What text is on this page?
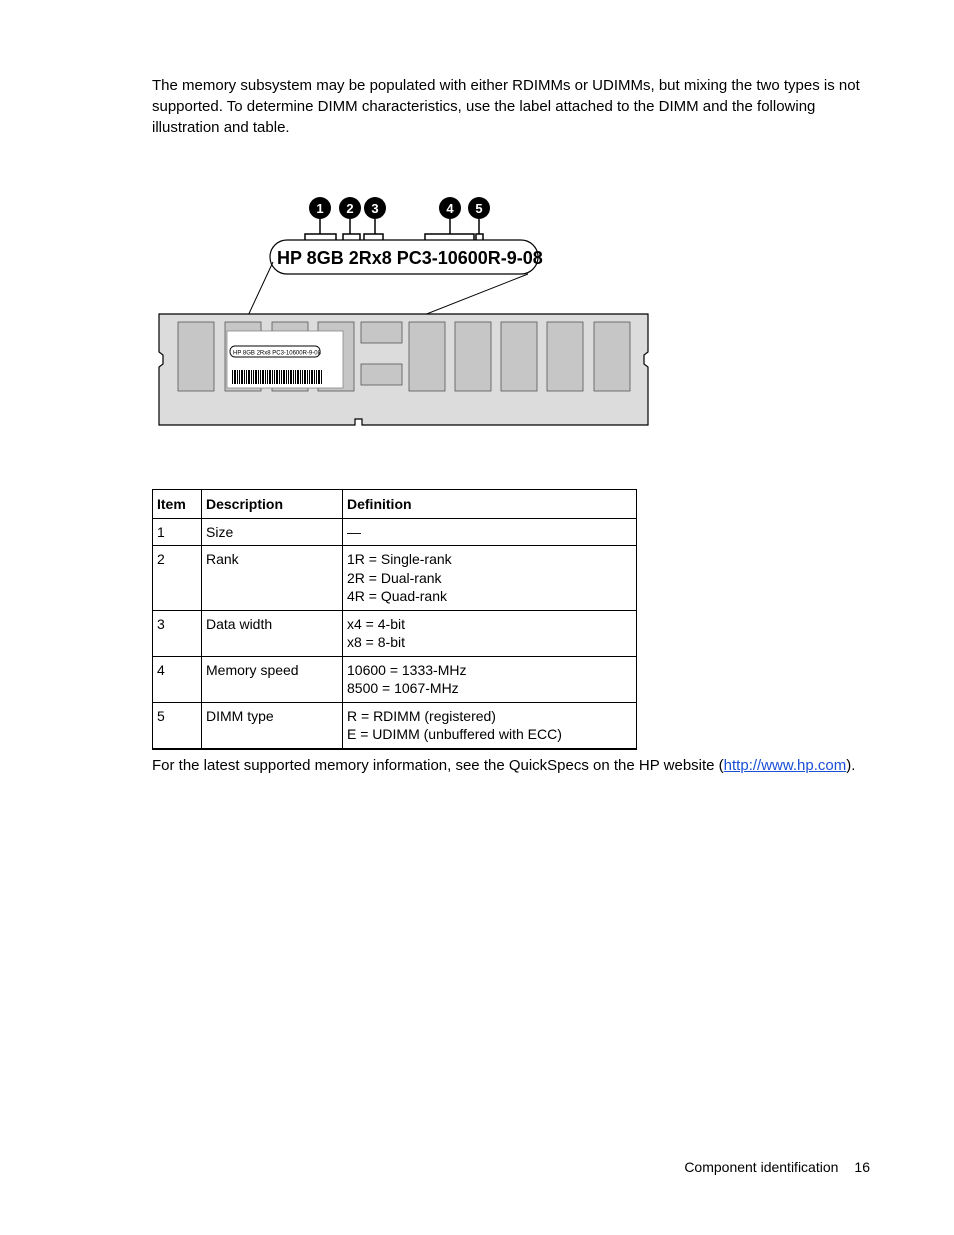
The memory subsystem may be populated with either RDIMMs or UDIMMs, but mixing the two types is not supported. To determine DIMM characteristics, use the label attached to the DIMM and the following illustration and table.

1 2 3	4 5
HP 8GB 2Rx8 PC3-10600R-9-08
HP 8GB 2Rx8 PC3-10600R-9-08
Item	Description	Definition
1	Size	—

2	Rank	1R = Single-rank
2R = Dual-rank
4R = Quad-rank

3	Data width	x4 = 4-bit
x8 = 8-bit

4	Memory speed	10600 = 1333-MHz
8500 = 1067-MHz

5	DIMM type	R = RDIMM (registered)
E = UDIMM (unbuffered with ECC)

For the latest supported memory information, see the QuickSpecs on the HP website (http://www.hp.com).

Component identification 16
